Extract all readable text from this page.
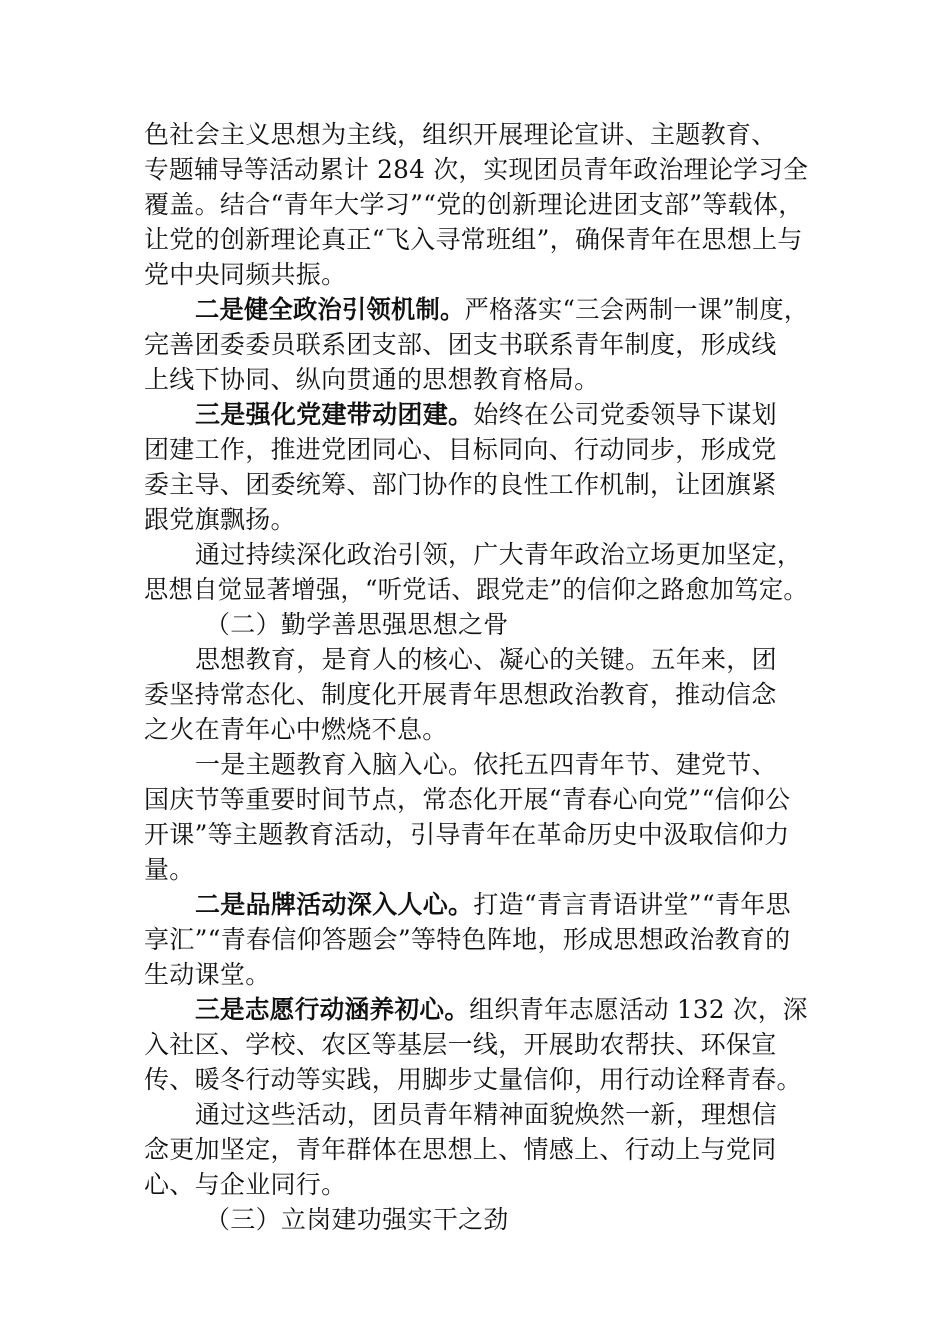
色社会主义思想为主线，组织开展理论宣讲、主题教育、
专题辅导等活动累计 284 次，实现团员青年政治理论学习全
覆盖。结合“青年大学习”“党的创新理论进团支部”等载体，
让党的创新理论真正“飞入寻常班组”，确保青年在思想上与
党中央同频共振。
二是健全政治引领机制。严格落实“三会两制一课”制度，
完善团委委员联系团支部、团支书联系青年制度，形成线
上线下协同、纵向贯通的思想教育格局。
三是强化党建带动团建。始终在公司党委领导下谋划
团建工作，推进党团同心、目标同向、行动同步，形成党
委主导、团委统筹、部门协作的良性工作机制，让团旗紧
跟党旗飘扬。
通过持续深化政治引领，广大青年政治立场更加坚定，
思想自觉显著增强，“听党话、跟党走”的信仰之路愈加笃定。
（二）勤学善思强思想之骨
思想教育，是育人的核心、凝心的关键。五年来，团
委坚持常态化、制度化开展青年思想政治教育，推动信念
之火在青年心中燃烧不息。
一是主题教育入脑入心。依托五四青年节、建党节、
国庆节等重要时间节点，常态化开展“青春心向党”“信仰公
开课”等主题教育活动，引导青年在革命历史中汲取信仰力
量。
二是品牌活动深入人心。打造“青言青语讲堂”“青年思
享汇”“青春信仰答题会”等特色阵地，形成思想政治教育的
生动课堂。
三是志愿行动涵养初心。组织青年志愿活动 132 次，深
入社区、学校、农区等基层一线，开展助农帮扶、环保宣
传、暖冬行动等实践，用脚步丈量信仰，用行动诠释青春。
通过这些活动，团员青年精神面貌焕然一新，理想信
念更加坚定，青年群体在思想上、情感上、行动上与党同
心、与企业同行。
（三）立岗建功强实干之劲
